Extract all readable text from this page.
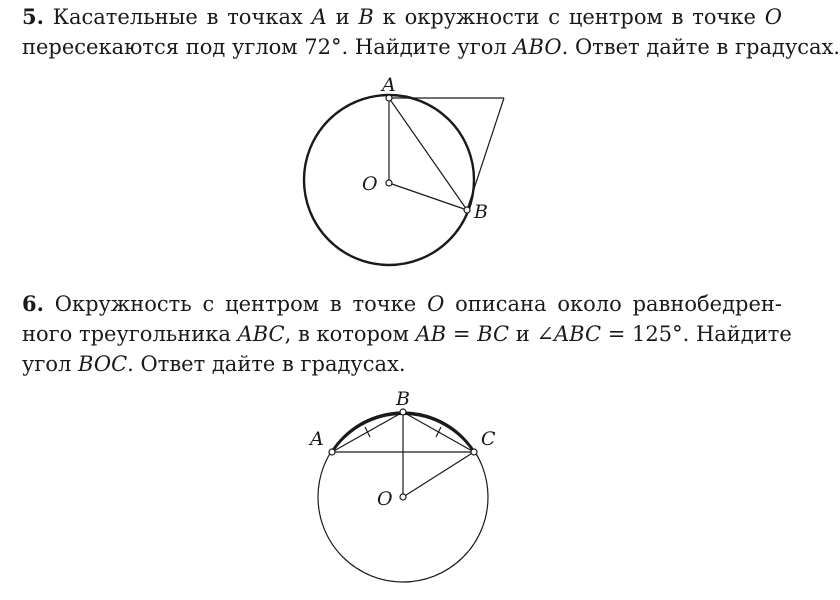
5. Касательные в точках A и B к окружности с центром в точке O
пересекаются под углом 72°. Найдите угол ABO. Ответ дайте в градусах.
6. Окружность с центром в точке O описана около равнобедрен-
ного треугольника ABC, в котором AB = BC и ∠ABC = 125°. Найдите
угол BOC. Ответ дайте в градусах.
A
O
B
B
A	C
O
